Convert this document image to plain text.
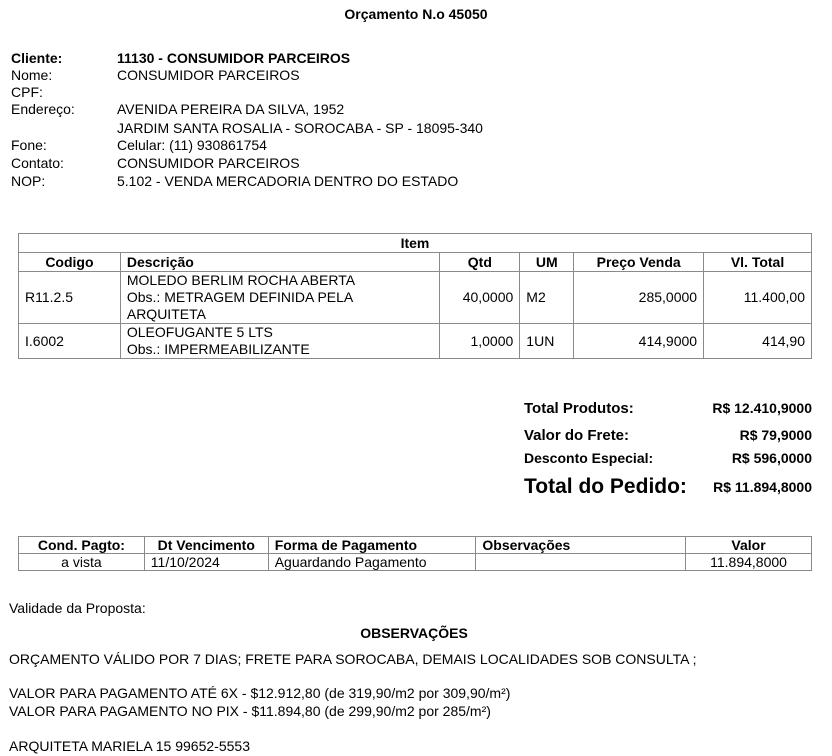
Orçamento N.o 45050
Cliente:	11130 - CONSUMIDOR PARCEIROS
Nome:	CONSUMIDOR PARCEIROS
CPF:
Endereço:	AVENIDA PEREIRA DA SILVA, 1952
JARDIM SANTA ROSALIA - SOROCABA - SP - 18095-340
Fone:	Celular: (11) 930861754
Contato:	CONSUMIDOR PARCEIROS
NOP:	5.102 - VENDA MERCADORIA DENTRO DO ESTADO
Item					
Codigo	Descrição	Qtd	UM	Preço Venda	Vl. Total
R11.2.5	MOLEDO BERLIM ROCHA ABERTA
Obs.: METRAGEM DEFINIDA PELA
ARQUITETA	40,0000	M2	285,0000	11.400,00
I.6002	OLEOFUGANTE 5 LTS
Obs.: IMPERMEABILIZANTE	1,0000	1UN	414,9000	414,90
Total Produtos:	R$ 12.410,9000
Valor do Frete:	R$ 79,9000
Desconto Especial:	R$ 596,0000
Total do Pedido: R$ 11.894,8000
Cond. Pagto:	Dt Vencimento	Forma de Pagamento	Observações	Valor
a vista	11/10/2024	Aguardando Pagamento		11.894,8000
Validade da Proposta:
OBSERVAÇÕES
ORÇAMENTO VÁLIDO POR 7 DIAS; FRETE PARA SOROCABA, DEMAIS LOCALIDADES SOB CONSULTA ;
VALOR PARA PAGAMENTO ATÉ 6X - $12.912,80 (de 319,90/m2 por 309,90/m²)
VALOR PARA PAGAMENTO NO PIX - $11.894,80 (de 299,90/m2 por 285/m²)
ARQUITETA MARIELA 15 99652-5553
